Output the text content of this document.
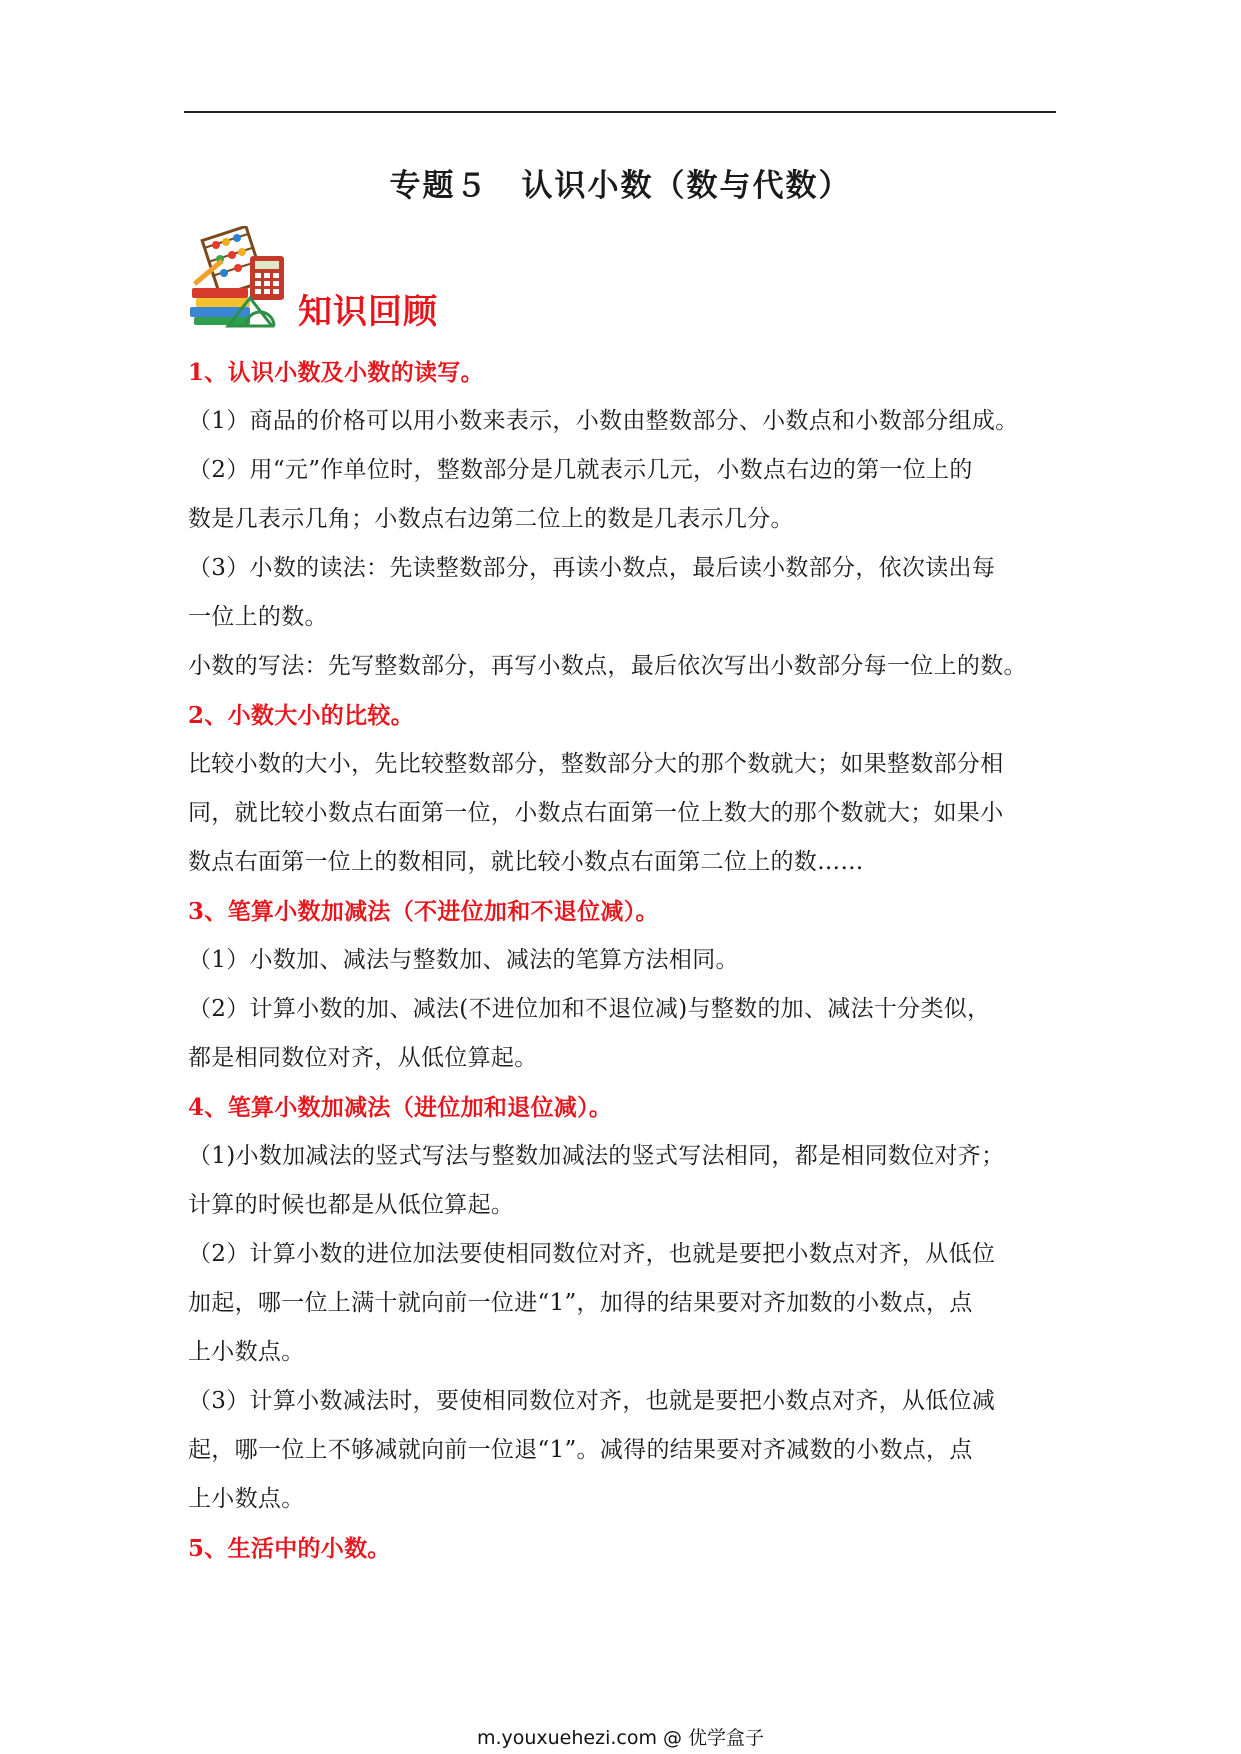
专题５　认识小数（数与代数）
知识回顾
1、认识小数及小数的读写。
（1）商品的价格可以用小数来表示，小数由整数部分、小数点和小数部分组成。
（2）用“元”作单位时，整数部分是几就表示几元，小数点右边的第一位上的
数是几表示几角；小数点右边第二位上的数是几表示几分。
（3）小数的读法：先读整数部分，再读小数点，最后读小数部分，依次读出每
一位上的数。
小数的写法：先写整数部分，再写小数点，最后依次写出小数部分每一位上的数。
2、小数大小的比较。
比较小数的大小，先比较整数部分，整数部分大的那个数就大；如果整数部分相
同，就比较小数点右面第一位，小数点右面第一位上数大的那个数就大；如果小
数点右面第一位上的数相同，就比较小数点右面第二位上的数……
3、笔算小数加减法（不进位加和不退位减）。
（1）小数加、减法与整数加、减法的笔算方法相同。
（2）计算小数的加、减法(不进位加和不退位减)与整数的加、减法十分类似，
都是相同数位对齐，从低位算起。
4、笔算小数加减法（进位加和退位减）。
（1)小数加减法的竖式写法与整数加减法的竖式写法相同，都是相同数位对齐；
计算的时候也都是从低位算起。
（2）计算小数的进位加法要使相同数位对齐，也就是要把小数点对齐，从低位
加起，哪一位上满十就向前一位进“1”，加得的结果要对齐加数的小数点，点
上小数点。
（3）计算小数减法时，要使相同数位对齐，也就是要把小数点对齐，从低位减
起，哪一位上不够减就向前一位退“1”。减得的结果要对齐减数的小数点，点
上小数点。
5、生活中的小数。
m.youxuehezi.com @ 优学盒子
